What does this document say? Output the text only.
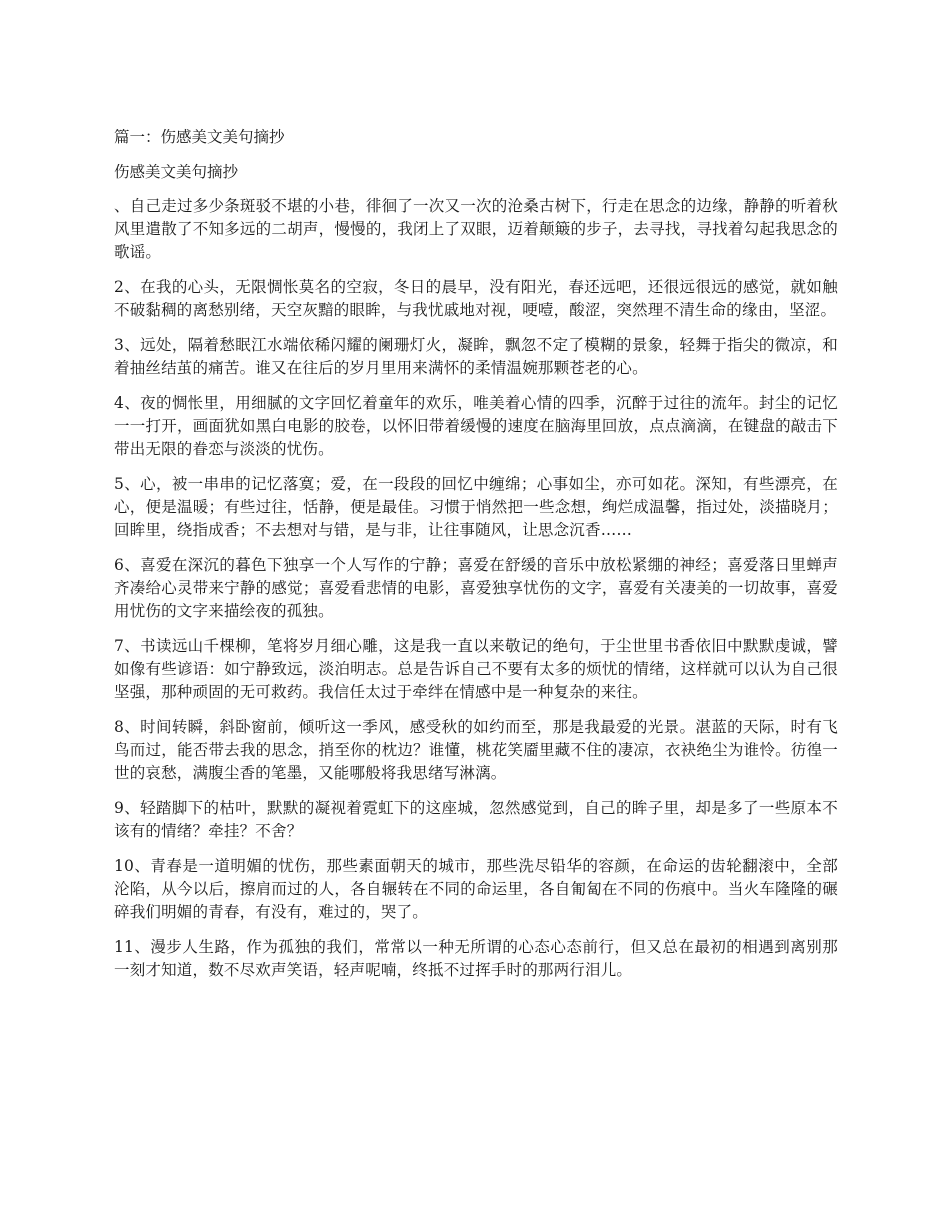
篇一：伤感美文美句摘抄
伤感美文美句摘抄

、自己走过多少条斑驳不堪的小巷，徘徊了一次又一次的沧桑古树下，行走在思念的边缘，静静的听着秋风里遣散了不知多远的二胡声，慢慢的，我闭上了双眼，迈着颠簸的步子，去寻找，寻找着勾起我思念的歌谣。

2、在我的心头，无限惆怅莫名的空寂，冬日的晨早，没有阳光，春还远吧，还很远很远的感觉，就如触不破黏稠的离愁别绪，天空灰黯的眼眸，与我忧戚地对视，哽噎，酸涩，突然理不清生命的缘由，坚涩。

3、远处，隔着愁眠江水端依稀闪耀的阑珊灯火，凝眸，飘忽不定了模糊的景象，轻舞于指尖的微凉，和着抽丝结茧的痛苦。谁又在往后的岁月里用来满怀的柔情温婉那颗苍老的心。

4、夜的惆怅里，用细腻的文字回忆着童年的欢乐，唯美着心情的四季，沉醉于过往的流年。封尘的记忆一一打开，画面犹如黑白电影的胶卷，以怀旧带着缓慢的速度在脑海里回放，点点滴滴，在键盘的敲击下带出无限的眷恋与淡淡的忧伤。

5、心，被一串串的记忆落寞；爱，在一段段的回忆中缠绵；心事如尘，亦可如花。深知，有些漂亮，在心，便是温暖；有些过往，恬静，便是最佳。习惯于悄然把一些念想，绚烂成温馨，指过处，淡描晓月；回眸里，绕指成香；不去想对与错，是与非，让往事随风，让思念沉香……

6、喜爱在深沉的暮色下独享一个人写作的宁静；喜爱在舒缓的音乐中放松紧绷的神经；喜爱落日里蝉声齐凑给心灵带来宁静的感觉；喜爱看悲情的电影，喜爱独享忧伤的文字，喜爱有关凄美的一切故事，喜爱用忧伤的文字来描绘夜的孤独。

7、书读远山千棵柳，笔将岁月细心雕，这是我一直以来敬记的绝句，于尘世里书香依旧中默默虔诚，譬如像有些谚语：如宁静致远，淡泊明志。总是告诉自己不要有太多的烦忧的情绪，这样就可以认为自己很坚强，那种顽固的无可救药。我信任太过于牵绊在情感中是一种复杂的来往。

8、时间转瞬，斜卧窗前，倾听这一季风，感受秋的如约而至，那是我最爱的光景。湛蓝的天际，时有飞鸟而过，能否带去我的思念，捎至你的枕边？谁懂，桃花笑靥里藏不住的凄凉，衣袂绝尘为谁怜。彷徨一世的哀愁，满腹尘香的笔墨，又能哪般将我思绪写淋漓。

9、轻踏脚下的枯叶，默默的凝视着霓虹下的这座城，忽然感觉到，自己的眸子里，却是多了一些原本不该有的情绪？牵挂？不舍？

10、青春是一道明媚的忧伤，那些素面朝天的城市，那些洗尽铅华的容颜，在命运的齿轮翻滚中，全部沦陷，从今以后，擦肩而过的人，各自辗转在不同的命运里，各自匍匐在不同的伤痕中。当火车隆隆的碾碎我们明媚的青春，有没有，难过的，哭了。

11、漫步人生路，作为孤独的我们，常常以一种无所谓的心态心态前行，但又总在最初的相遇到离别那一刻才知道，数不尽欢声笑语，轻声呢喃，终抵不过挥手时的那两行泪儿。
